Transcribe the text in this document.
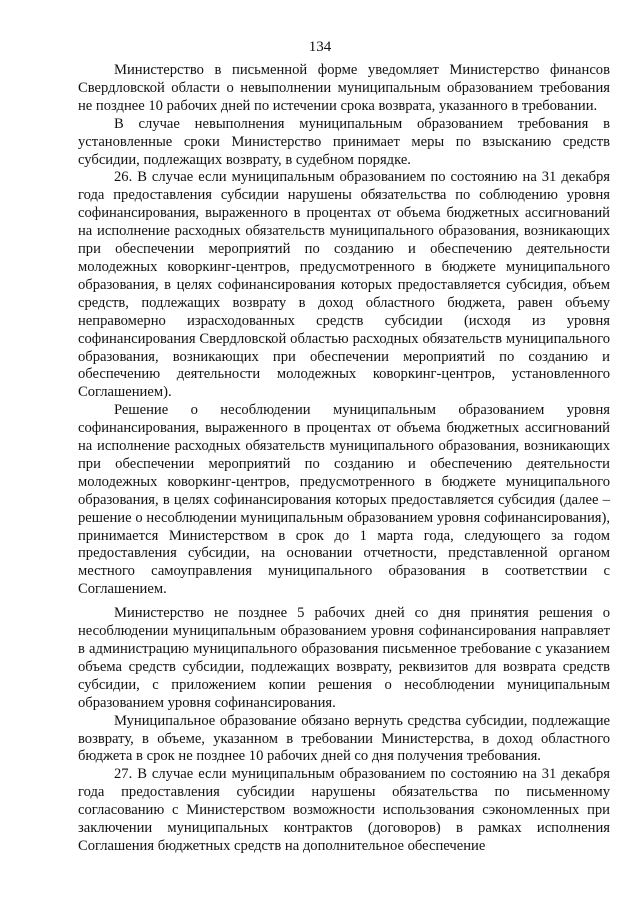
134

Министерство в письменной форме уведомляет Министерство финансов Свердловской области о невыполнении муниципальным образованием требования не позднее 10 рабочих дней по истечении срока возврата, указанного в требовании.

В случае невыполнения муниципальным образованием требования в установленные сроки Министерство принимает меры по взысканию средств субсидии, подлежащих возврату, в судебном порядке.

26. В случае если муниципальным образованием по состоянию на 31 декабря года предоставления субсидии нарушены обязательства по соблюдению уровня софинансирования, выраженного в процентах от объема бюджетных ассигнований на исполнение расходных обязательств муниципального образования, возникающих при обеспечении мероприятий по созданию и обеспечению деятельности молодежных коворкинг-центров, предусмотренного в бюджете муниципального образования, в целях софинансирования которых предоставляется субсидия, объем средств, подлежащих возврату в доход областного бюджета, равен объему неправомерно израсходованных средств субсидии (исходя из уровня софинансирования Свердловской областью расходных обязательств муниципального образования, возникающих при обеспечении мероприятий по созданию и обеспечению деятельности молодежных коворкинг-центров, установленного Соглашением).

Решение о несоблюдении муниципальным образованием уровня софинансирования, выраженного в процентах от объема бюджетных ассигнований на исполнение расходных обязательств муниципального образования, возникающих при обеспечении мероприятий по созданию и обеспечению деятельности молодежных коворкинг-центров, предусмотренного в бюджете муниципального образования, в целях софинансирования которых предоставляется субсидия (далее – решение о несоблюдении муниципальным образованием уровня софинансирования), принимается Министерством в срок до 1 марта года, следующего за годом предоставления субсидии, на основании отчетности, представленной органом местного самоуправления муниципального образования в соответствии с Соглашением.

Министерство не позднее 5 рабочих дней со дня принятия решения о несоблюдении муниципальным образованием уровня софинансирования направляет в администрацию муниципального образования письменное требование с указанием объема средств субсидии, подлежащих возврату, реквизитов для возврата средств субсидии, с приложением копии решения о несоблюдении муниципальным образованием уровня софинансирования.

Муниципальное образование обязано вернуть средства субсидии, подлежащие возврату, в объеме, указанном в требовании Министерства, в доход областного бюджета в срок не позднее 10 рабочих дней со дня получения требования.

27. В случае если муниципальным образованием по состоянию на 31 декабря года предоставления субсидии нарушены обязательства по письменному согласованию с Министерством возможности использования сэкономленных при заключении муниципальных контрактов (договоров) в рамках исполнения Соглашения бюджетных средств на дополнительное обеспечение
